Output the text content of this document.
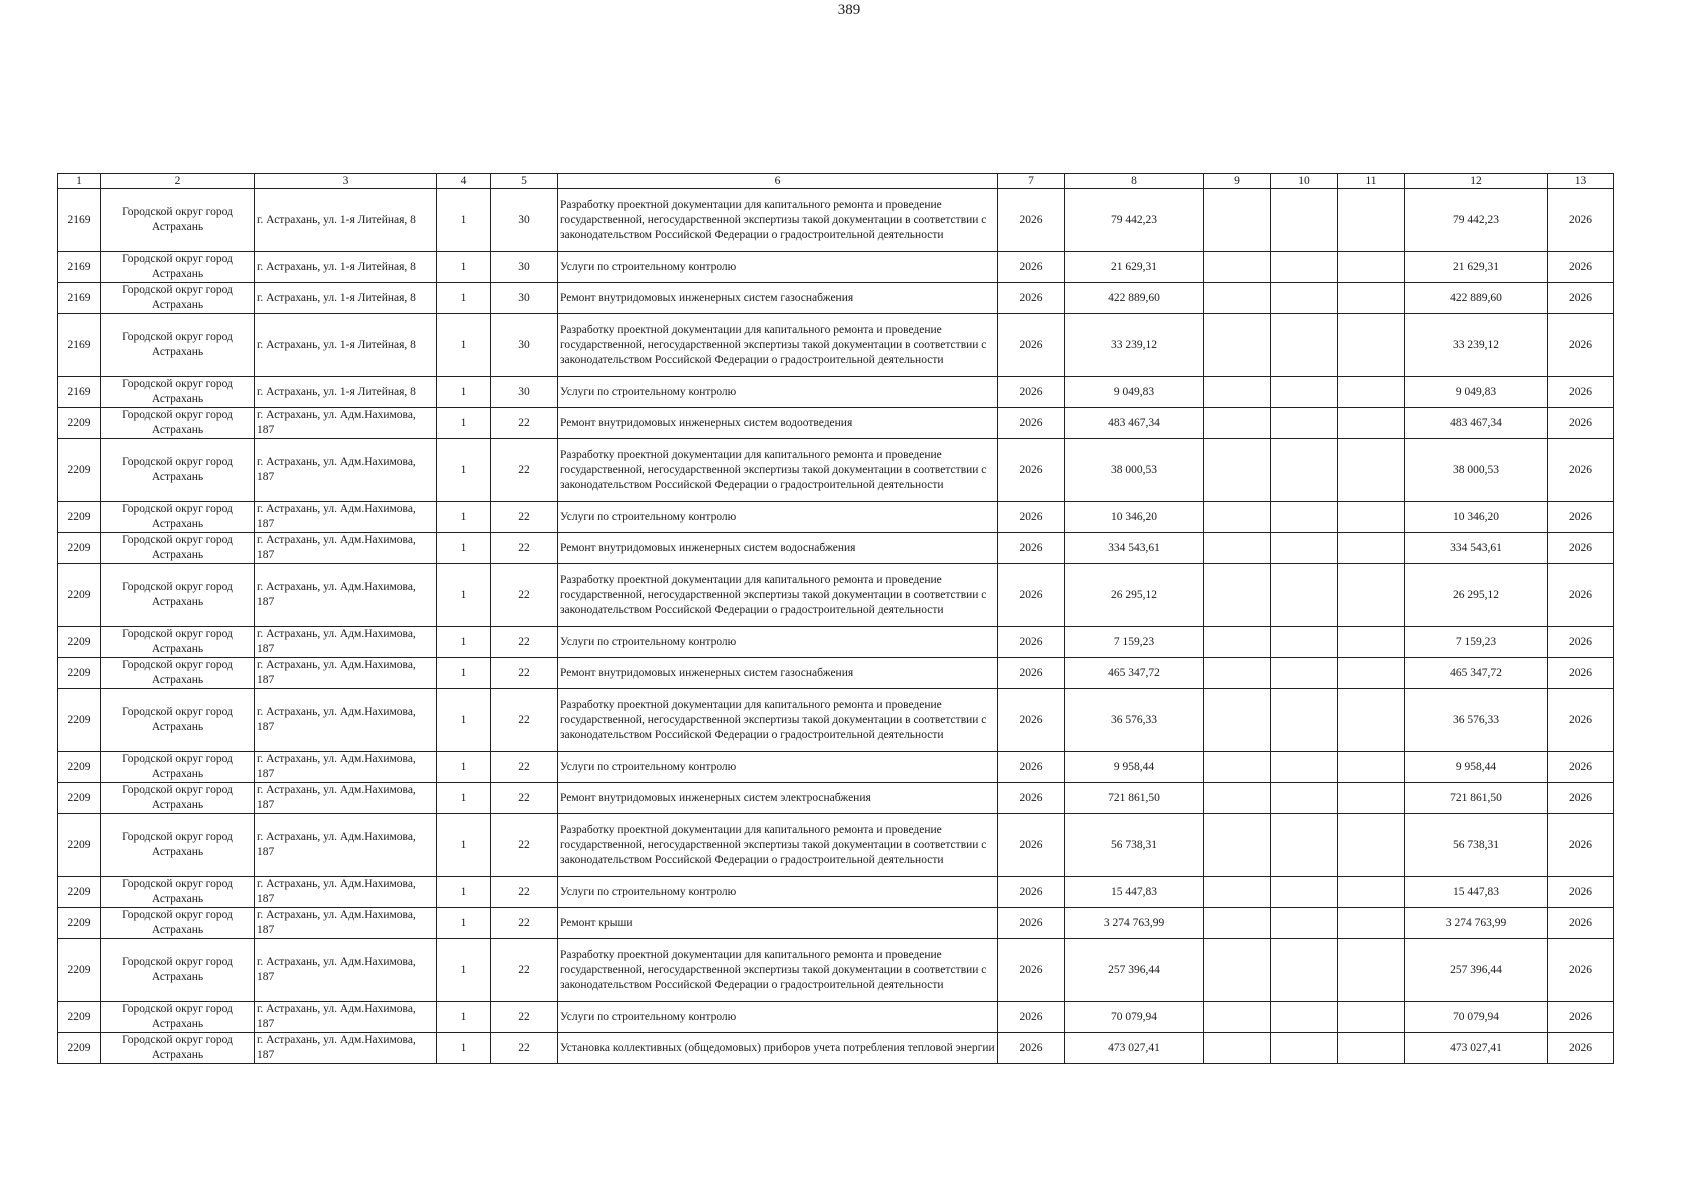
389
1	2	3	4	5	6	7	8	9	10	11	12	13
2169	Городской округ город Астрахань	г. Астрахань, ул. 1-я Литейная, 8	1	30	Разработку проектной документации для капитального ремонта и проведение государственной, негосударственной экспертизы такой документации в соответствии с законодательством Российской Федерации о градостроительной деятельности	2026	79 442,23				79 442,23	2026
2169	Городской округ город Астрахань	г. Астрахань, ул. 1-я Литейная, 8	1	30	Услуги по строительному контролю	2026	21 629,31				21 629,31	2026
2169	Городской округ город Астрахань	г. Астрахань, ул. 1-я Литейная, 8	1	30	Ремонт внутридомовых инженерных систем газоснабжения	2026	422 889,60				422 889,60	2026
2169	Городской округ город Астрахань	г. Астрахань, ул. 1-я Литейная, 8	1	30	Разработку проектной документации для капитального ремонта и проведение государственной, негосударственной экспертизы такой документации в соответствии с законодательством Российской Федерации о градостроительной деятельности	2026	33 239,12				33 239,12	2026
2169	Городской округ город Астрахань	г. Астрахань, ул. 1-я Литейная, 8	1	30	Услуги по строительному контролю	2026	9 049,83				9 049,83	2026
2209	Городской округ город Астрахань	г. Астрахань, ул. Адм.Нахимова, 187	1	22	Ремонт внутридомовых инженерных систем водоотведения	2026	483 467,34				483 467,34	2026
2209	Городской округ город Астрахань	г. Астрахань, ул. Адм.Нахимова, 187	1	22	Разработку проектной документации для капитального ремонта и проведение государственной, негосударственной экспертизы такой документации в соответствии с законодательством Российской Федерации о градостроительной деятельности	2026	38 000,53				38 000,53	2026
2209	Городской округ город Астрахань	г. Астрахань, ул. Адм.Нахимова, 187	1	22	Услуги по строительному контролю	2026	10 346,20				10 346,20	2026
2209	Городской округ город Астрахань	г. Астрахань, ул. Адм.Нахимова, 187	1	22	Ремонт внутридомовых инженерных систем водоснабжения	2026	334 543,61				334 543,61	2026
2209	Городской округ город Астрахань	г. Астрахань, ул. Адм.Нахимова, 187	1	22	Разработку проектной документации для капитального ремонта и проведение государственной, негосударственной экспертизы такой документации в соответствии с законодательством Российской Федерации о градостроительной деятельности	2026	26 295,12				26 295,12	2026
2209	Городской округ город Астрахань	г. Астрахань, ул. Адм.Нахимова, 187	1	22	Услуги по строительному контролю	2026	7 159,23				7 159,23	2026
2209	Городской округ город Астрахань	г. Астрахань, ул. Адм.Нахимова, 187	1	22	Ремонт внутридомовых инженерных систем газоснабжения	2026	465 347,72				465 347,72	2026
2209	Городской округ город Астрахань	г. Астрахань, ул. Адм.Нахимова, 187	1	22	Разработку проектной документации для капитального ремонта и проведение государственной, негосударственной экспертизы такой документации в соответствии с законодательством Российской Федерации о градостроительной деятельности	2026	36 576,33				36 576,33	2026
2209	Городской округ город Астрахань	г. Астрахань, ул. Адм.Нахимова, 187	1	22	Услуги по строительному контролю	2026	9 958,44				9 958,44	2026
2209	Городской округ город Астрахань	г. Астрахань, ул. Адм.Нахимова, 187	1	22	Ремонт внутридомовых инженерных систем электроснабжения	2026	721 861,50				721 861,50	2026
2209	Городской округ город Астрахань	г. Астрахань, ул. Адм.Нахимова, 187	1	22	Разработку проектной документации для капитального ремонта и проведение государственной, негосударственной экспертизы такой документации в соответствии с законодательством Российской Федерации о градостроительной деятельности	2026	56 738,31				56 738,31	2026
2209	Городской округ город Астрахань	г. Астрахань, ул. Адм.Нахимова, 187	1	22	Услуги по строительному контролю	2026	15 447,83				15 447,83	2026
2209	Городской округ город Астрахань	г. Астрахань, ул. Адм.Нахимова, 187	1	22	Ремонт крыши	2026	3 274 763,99				3 274 763,99	2026
2209	Городской округ город Астрахань	г. Астрахань, ул. Адм.Нахимова, 187	1	22	Разработку проектной документации для капитального ремонта и проведение государственной, негосударственной экспертизы такой документации в соответствии с законодательством Российской Федерации о градостроительной деятельности	2026	257 396,44				257 396,44	2026
2209	Городской округ город Астрахань	г. Астрахань, ул. Адм.Нахимова, 187	1	22	Услуги по строительному контролю	2026	70 079,94				70 079,94	2026
2209	Городской округ город Астрахань	г. Астрахань, ул. Адм.Нахимова, 187	1	22	Установка коллективных (общедомовых) приборов учета потребления тепловой энергии	2026	473 027,41				473 027,41	2026
